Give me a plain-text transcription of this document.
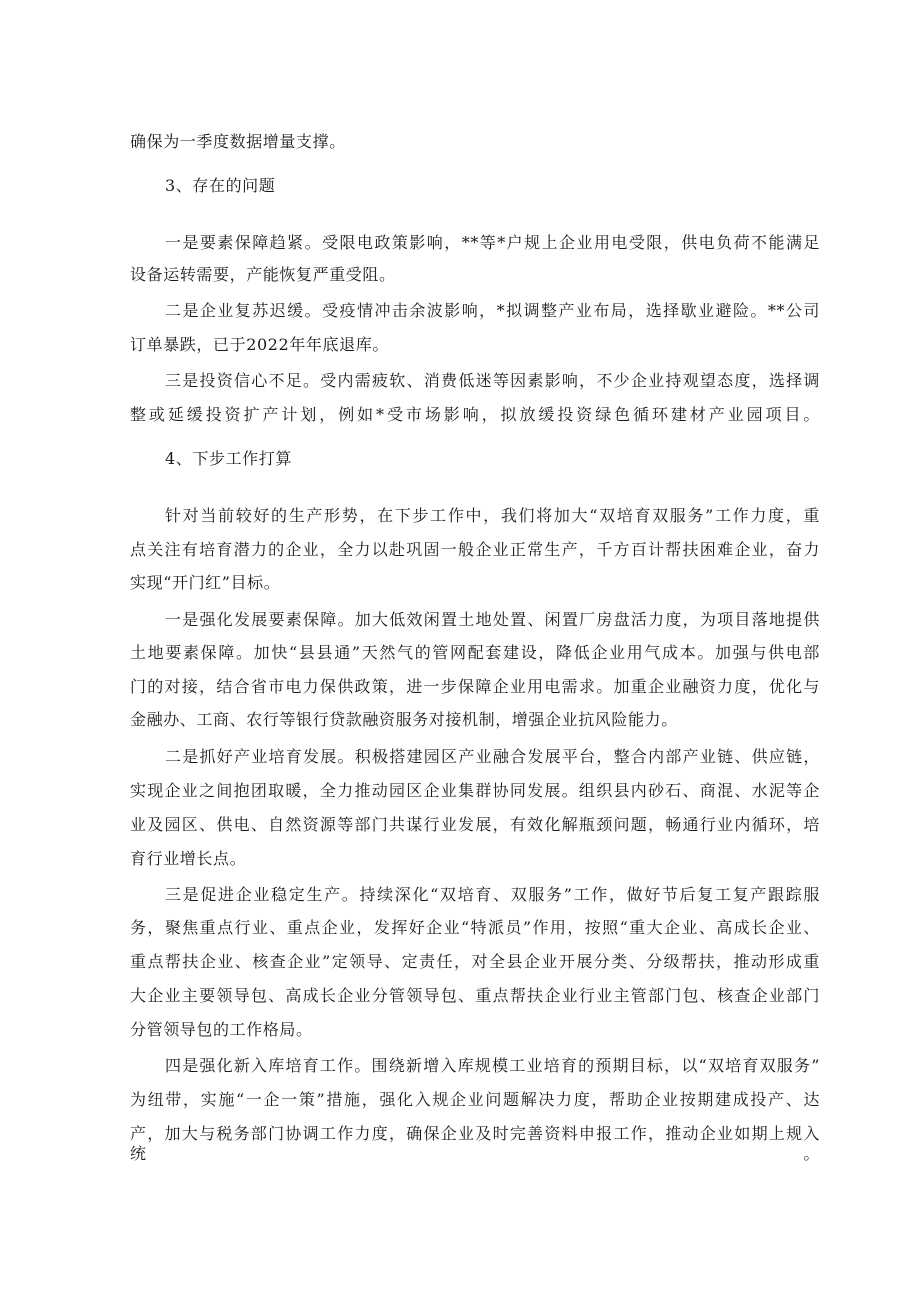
确保为一季度数据增量支撑。
3、存在的问题
一是要素保障趋紧。受限电政策影响，**等*户规上企业用电受限，供电负荷不能满足
设备运转需要，产能恢复严重受阻。
二是企业复苏迟缓。受疫情冲击余波影响，*拟调整产业布局，选择歇业避险。**公司
订单暴跌，已于2022年年底退库。
三是投资信心不足。受内需疲软、消费低迷等因素影响，不少企业持观望态度，选择调
整或延缓投资扩产计划，例如*受市场影响，拟放缓投资绿色循环建材产业园项目。
4、下步工作打算
针对当前较好的生产形势，在下步工作中，我们将加大“双培育双服务”工作力度，重
点关注有培育潜力的企业，全力以赴巩固一般企业正常生产，千方百计帮扶困难企业，奋力
实现“开门红”目标。
一是强化发展要素保障。加大低效闲置土地处置、闲置厂房盘活力度，为项目落地提供
土地要素保障。加快“县县通”天然气的管网配套建设，降低企业用气成本。加强与供电部
门的对接，结合省市电力保供政策，进一步保障企业用电需求。加重企业融资力度，优化与
金融办、工商、农行等银行贷款融资服务对接机制，增强企业抗风险能力。
二是抓好产业培育发展。积极搭建园区产业融合发展平台，整合内部产业链、供应链，
实现企业之间抱团取暖，全力推动园区企业集群协同发展。组织县内砂石、商混、水泥等企
业及园区、供电、自然资源等部门共谋行业发展，有效化解瓶颈问题，畅通行业内循环，培
育行业增长点。
三是促进企业稳定生产。持续深化“双培育、双服务”工作，做好节后复工复产跟踪服
务，聚焦重点行业、重点企业，发挥好企业“特派员”作用，按照“重大企业、高成长企业、
重点帮扶企业、核查企业”定领导、定责任，对全县企业开展分类、分级帮扶，推动形成重
大企业主要领导包、高成长企业分管领导包、重点帮扶企业行业主管部门包、核查企业部门
分管领导包的工作格局。
四是强化新入库培育工作。围绕新增入库规模工业培育的预期目标，以“双培育双服务”
为纽带，实施“一企一策”措施，强化入规企业问题解决力度，帮助企业按期建成投产、达
产，加大与税务部门协调工作力度，确保企业及时完善资料申报工作，推动企业如期上规入统。
